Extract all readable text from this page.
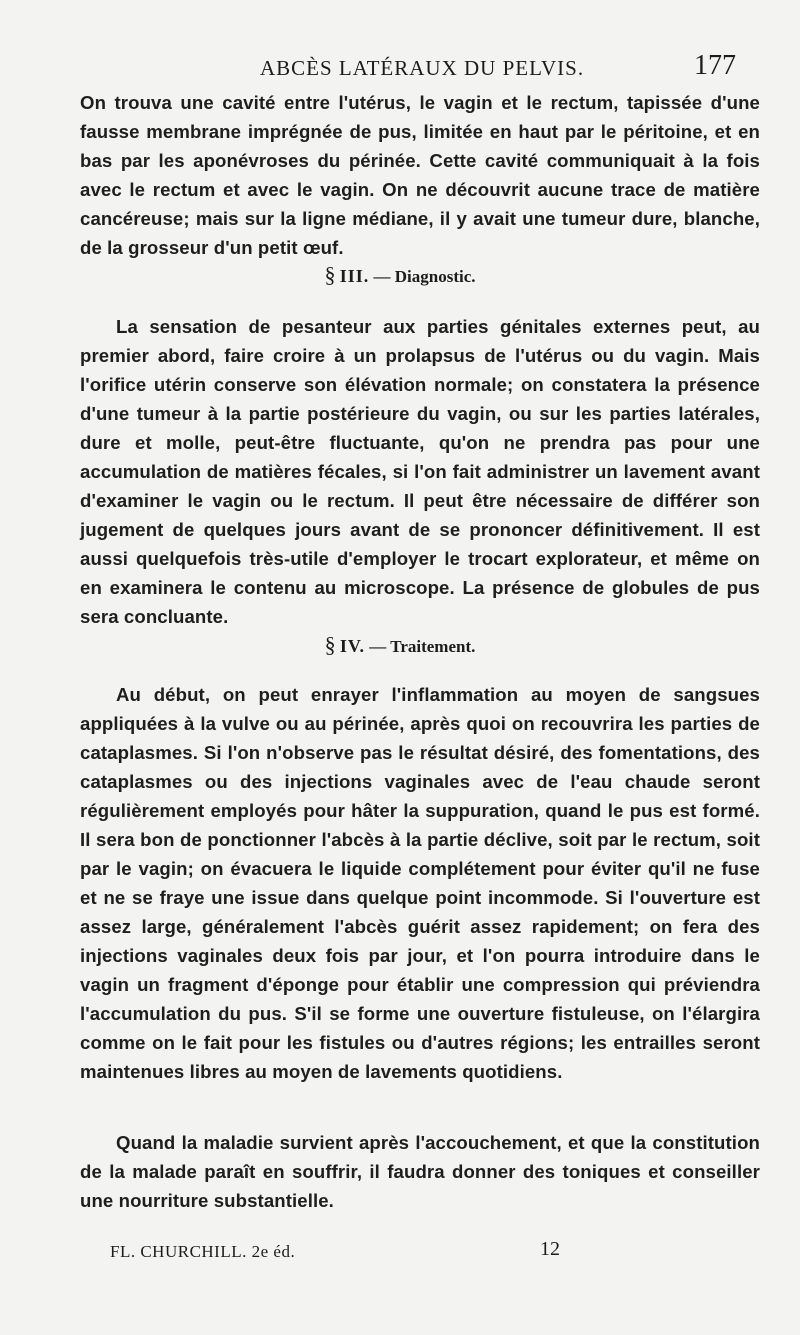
ABCÈS LATÉRAUX DU PELVIS.	177

On trouva une cavité entre l'utérus, le vagin et le rectum, tapissée d'une fausse membrane imprégnée de pus, limitée en haut par le péritoine, et en bas par les aponévroses du périnée. Cette cavité communiquait à la fois avec le rectum et avec le vagin. On ne découvrit aucune trace de matière cancéreuse; mais sur la ligne médiane, il y avait une tumeur dure, blanche, de la grosseur d'un petit œuf.

§ III. — Diagnostic.

La sensation de pesanteur aux parties génitales externes peut, au premier abord, faire croire à un prolapsus de l'utérus ou du vagin. Mais l'orifice utérin conserve son élévation normale; on constatera la présence d'une tumeur à la partie postérieure du vagin, ou sur les parties latérales, dure et molle, peut-être fluctuante, qu'on ne prendra pas pour une accumulation de matières fécales, si l'on fait administrer un lavement avant d'examiner le vagin ou le rectum. Il peut être nécessaire de différer son jugement de quelques jours avant de se prononcer définitivement. Il est aussi quelquefois très-utile d'employer le trocart explorateur, et même on en examinera le contenu au microscope. La présence de globules de pus sera concluante.

§ IV. — Traitement.

Au début, on peut enrayer l'inflammation au moyen de sangsues appliquées à la vulve ou au périnée, après quoi on recouvrira les parties de cataplasmes. Si l'on n'observe pas le résultat désiré, des fomentations, des cataplasmes ou des injections vaginales avec de l'eau chaude seront régulièrement employés pour hâter la suppuration, quand le pus est formé. Il sera bon de ponctionner l'abcès à la partie déclive, soit par le rectum, soit par le vagin; on évacuera le liquide complétement pour éviter qu'il ne fuse et ne se fraye une issue dans quelque point incommode. Si l'ouverture est assez large, généralement l'abcès guérit assez rapidement; on fera des injections vaginales deux fois par jour, et l'on pourra introduire dans le vagin un fragment d'éponge pour établir une compression qui préviendra l'accumulation du pus. S'il se forme une ouverture fistuleuse, on l'élargira comme on le fait pour les fistules ou d'autres régions; les entrailles seront maintenues libres au moyen de lavements quotidiens.

Quand la maladie survient après l'accouchement, et que la constitution de la malade paraît en souffrir, il faudra donner des toniques et conseiller une nourriture substantielle.

FL. CHURCHILL. 2e éd.	12
